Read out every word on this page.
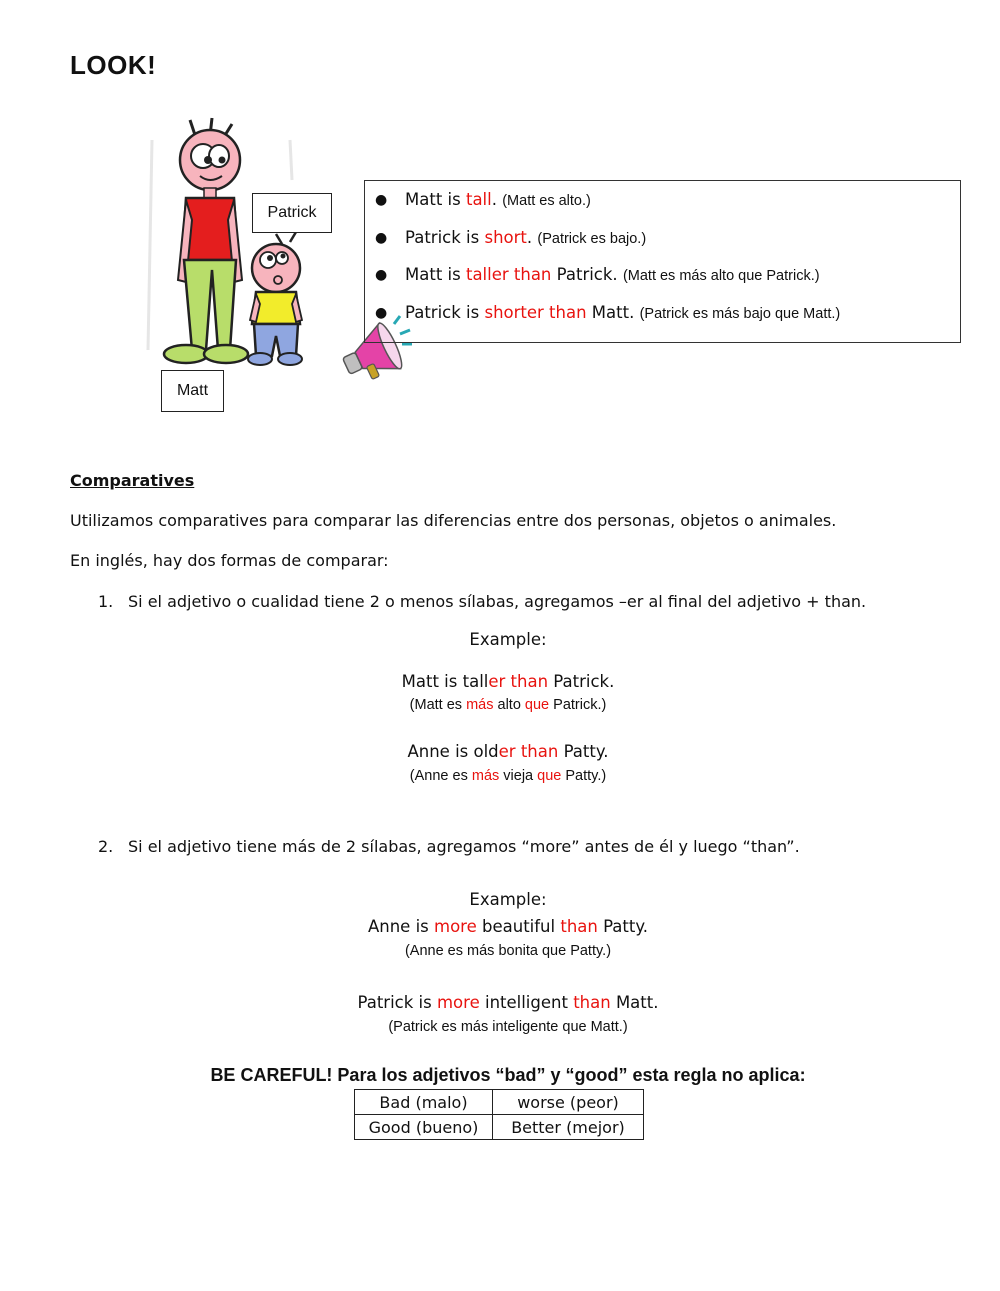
LOOK!
Patrick
Matt
● Matt is tall. (Matt es alto.)
● Patrick is short. (Patrick es bajo.)
● Matt is taller than Patrick. (Matt es más alto que Patrick.)
● Patrick is shorter than Matt. (Patrick es más bajo que Matt.)
Comparatives
Utilizamos comparatives para comparar las diferencias entre dos personas, objetos o animales.
En inglés, hay dos formas de comparar:
1. Si el adjetivo o cualidad tiene 2 o menos sílabas, agregamos –er al final del adjetivo + than.
Example:
Matt is taller than Patrick.
(Matt es más alto que Patrick.)
Anne is older than Patty.
(Anne es más vieja que Patty.)
2. Si el adjetivo tiene más de 2 sílabas, agregamos “more” antes de él y luego “than”.
Example:
Anne is more beautiful than Patty.
(Anne es más bonita que Patty.)
Patrick is more intelligent than Matt.
(Patrick es más inteligente que Matt.)
BE CAREFUL! Para los adjetivos “bad” y “good” esta regla no aplica:
Bad (malo)	worse (peor)
Good (bueno)	Better (mejor)
